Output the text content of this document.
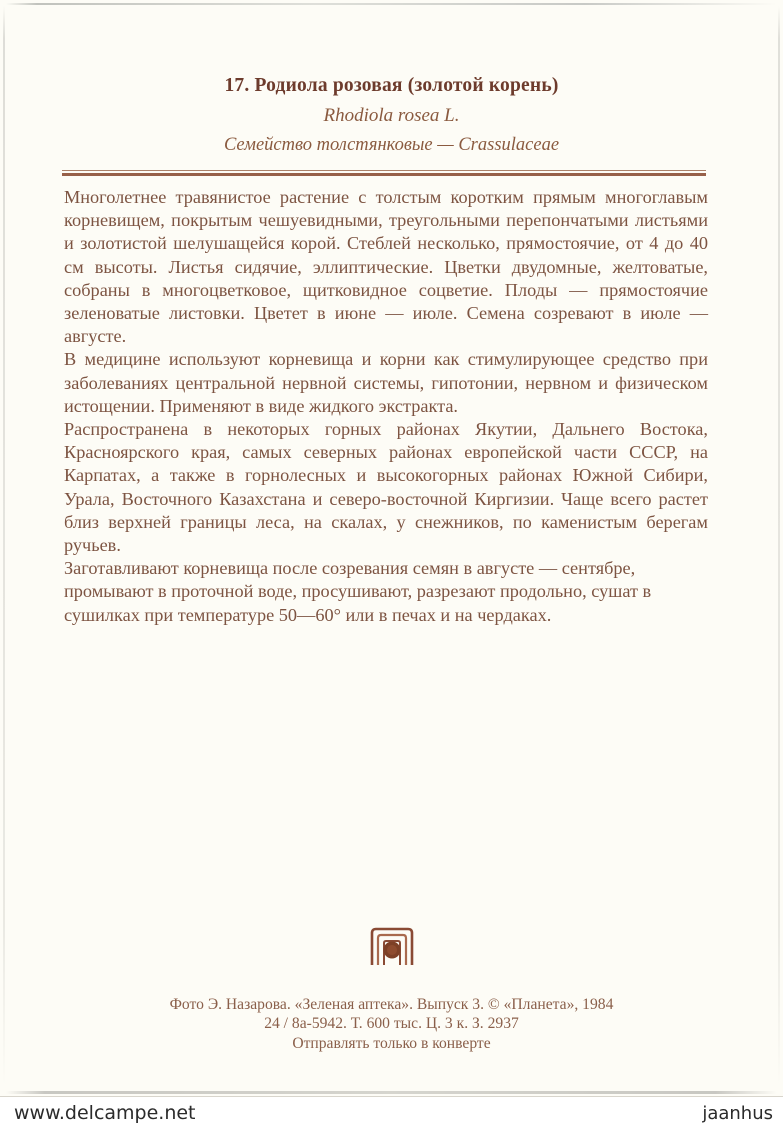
17. Родиола розовая (золотой корень)

Rhodiola rosea L.

Семейство толстянковые — Crassulaceae

Многолетнее травянистое растение с толстым коротким прямым многоглавым корневищем, покрытым чешуевидными, треугольными перепончатыми листьями и золотистой шелушащейся корой. Стеблей несколько, прямостоячие, от 4 до 40 см высоты. Листья сидячие, эллиптические. Цветки двудомные, желтоватые, собраны в многоцветковое, щитковидное соцветие. Плоды — прямостоячие зеленоватые листовки. Цветет в июне — июле. Семена созревают в июле — августе.

В медицине используют корневища и корни как стимулирующее средство при заболеваниях центральной нервной системы, гипотонии, нервном и физическом истощении. Применяют в виде жидкого экстракта.

Распространена в некоторых горных районах Якутии, Дальнего Востока, Красноярского края, самых северных районах европейской части СССР, на Карпатах, а также в горнолесных и высокогорных районах Южной Сибири, Урала, Восточного Казахстана и северо-восточной Киргизии. Чаще всего растет близ верхней границы леса, на скалах, у снежников, по каменистым берегам ручьев.

Заготавливают корневища после созревания семян в августе — сентябре, промывают в проточной воде, просушивают, разрезают продольно, сушат в сушилках при температуре 50—60° или в печах и на чердаках.

Фото Э. Назарова. «Зеленая аптека». Выпуск 3. © «Планета», 1984
24 / 8а-5942. Т. 600 тыс. Ц. 3 к. З. 2937
Отправлять только в конверте
www.delcampe.net	jaanhus
